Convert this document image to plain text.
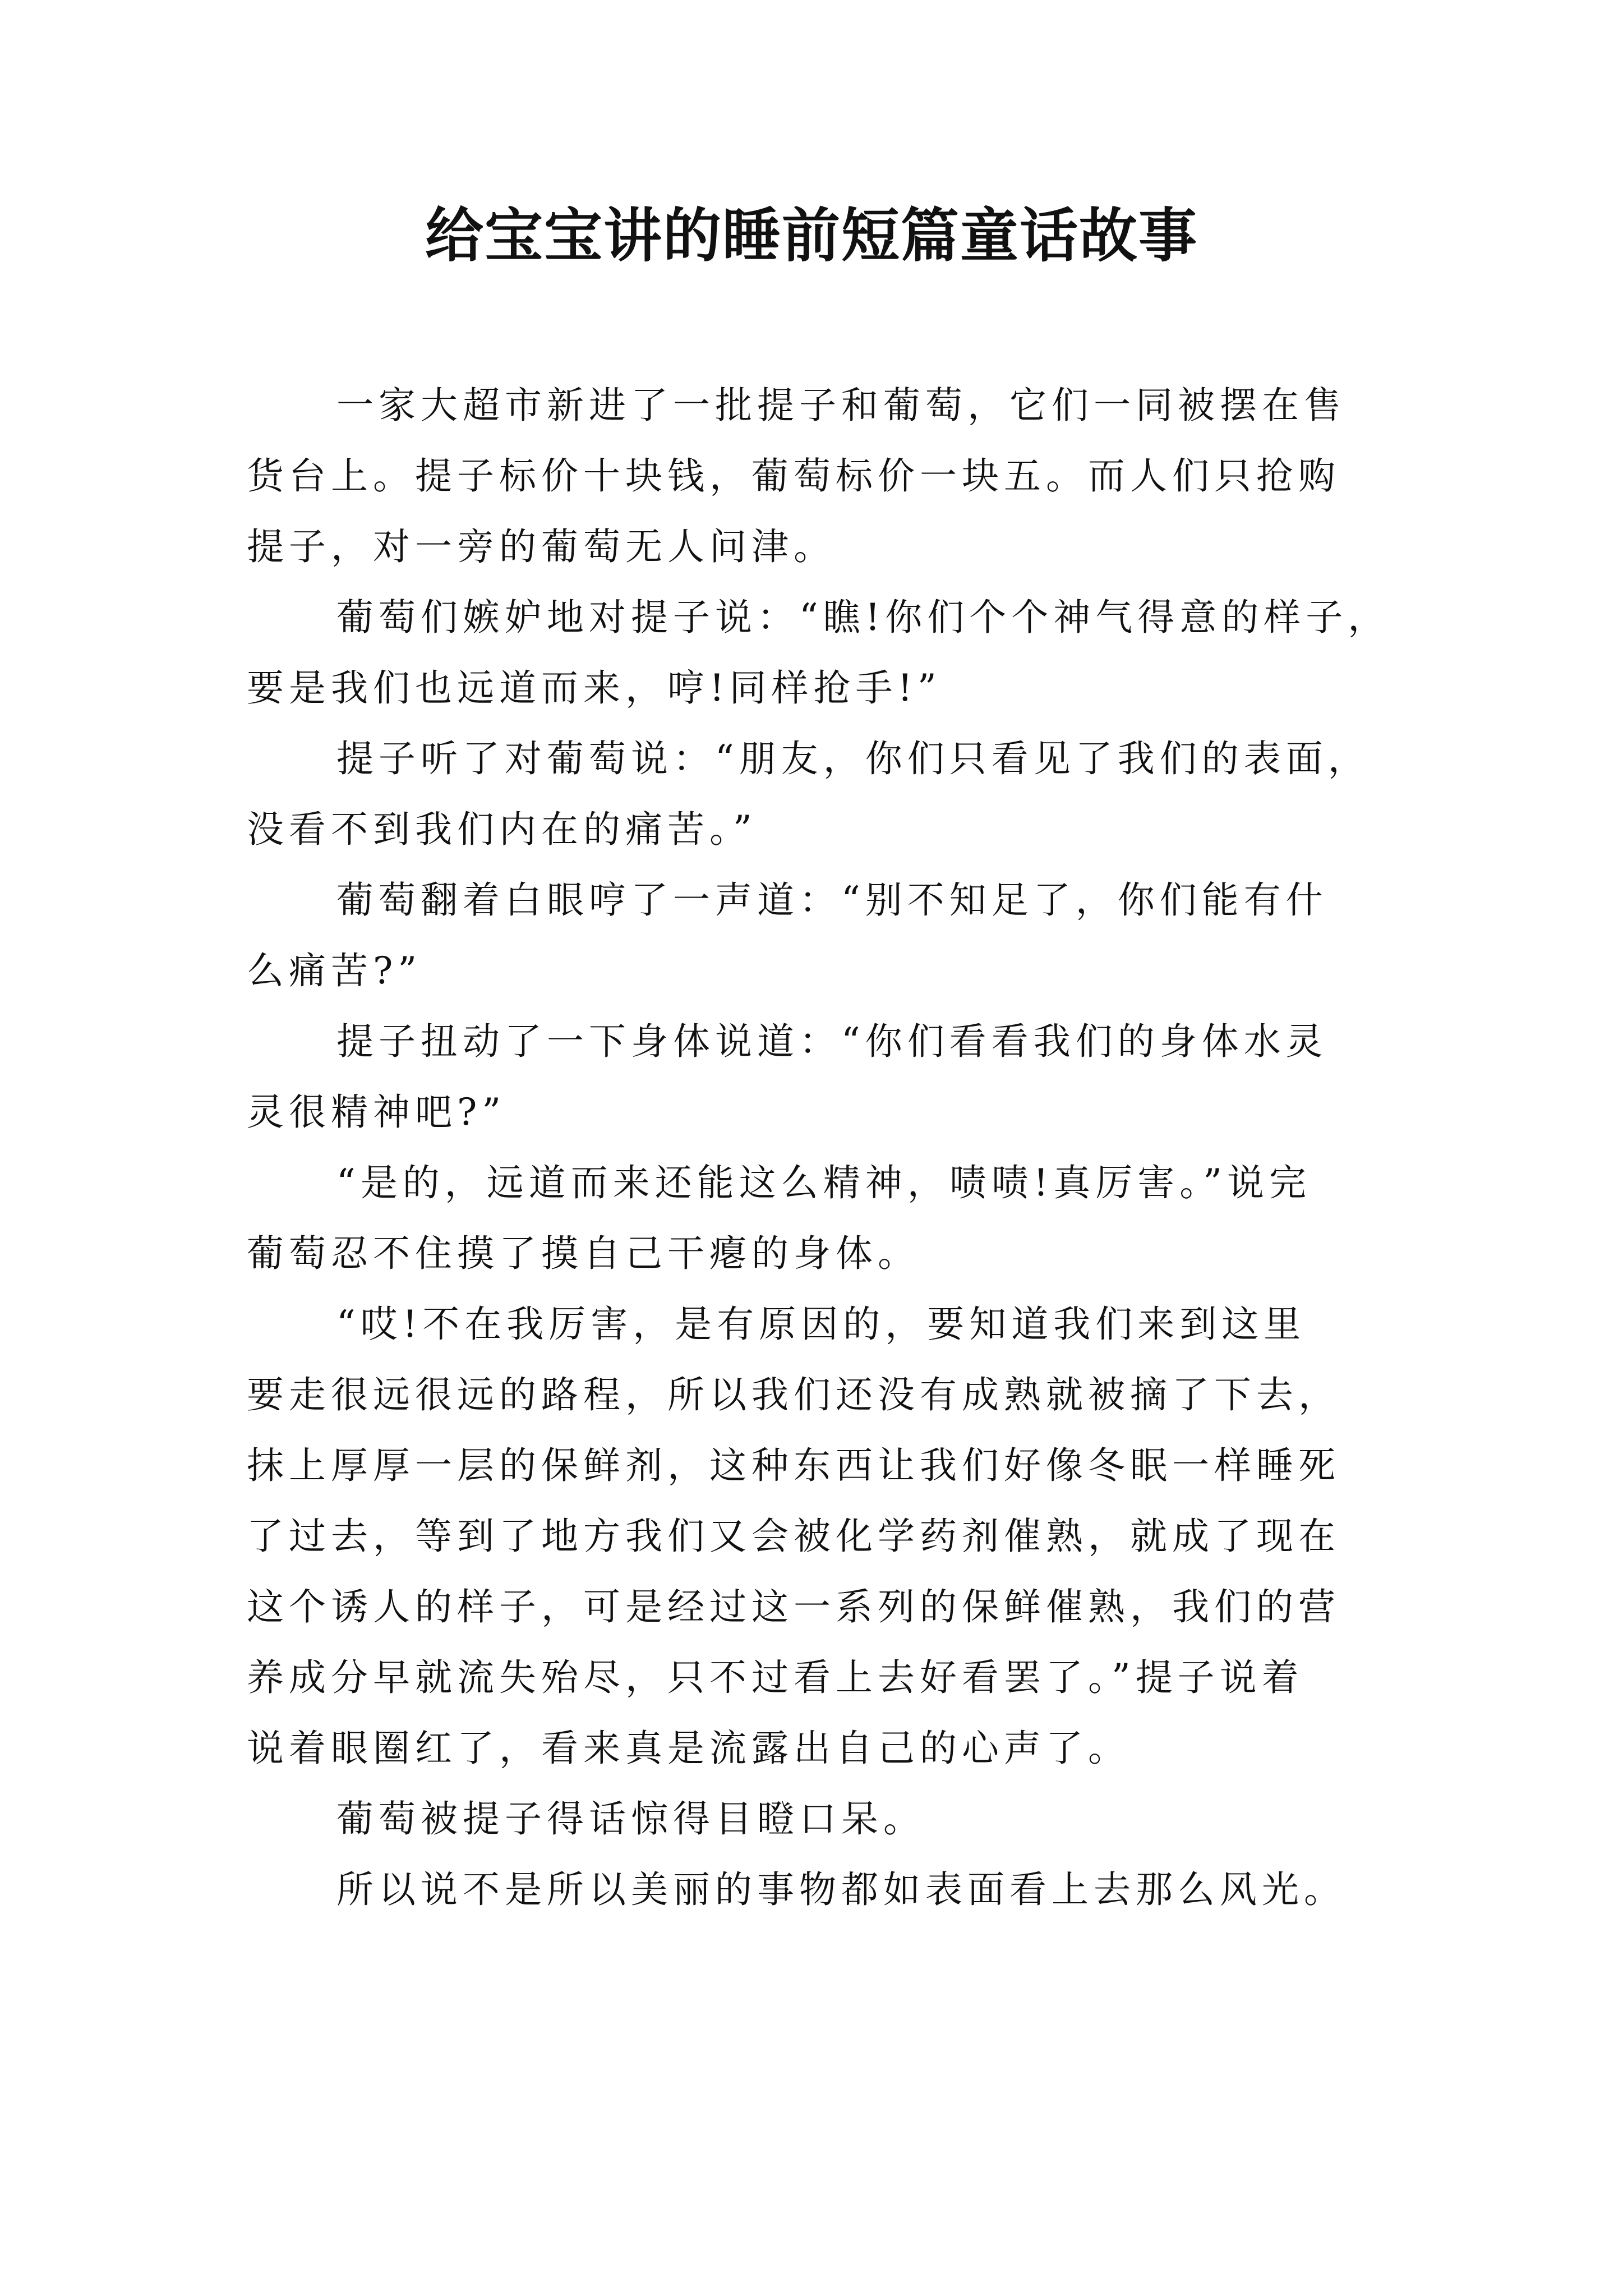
给宝宝讲的睡前短篇童话故事

一家大超市新进了一批提子和葡萄，它们一同被摆在售
货台上。提子标价十块钱，葡萄标价一块五。而人们只抢购
提子，对一旁的葡萄无人问津。

葡萄们嫉妒地对提子说：“瞧!你们个个神气得意的样子，
要是我们也远道而来，哼!同样抢手!”

提子听了对葡萄说：“朋友，你们只看见了我们的表面，
没看不到我们内在的痛苦。”

葡萄翻着白眼哼了一声道：“别不知足了，你们能有什
么痛苦?”

提子扭动了一下身体说道：“你们看看我们的身体水灵
灵很精神吧?”

“是的，远道而来还能这么精神，啧啧!真厉害。”说完
葡萄忍不住摸了摸自己干瘪的身体。

“哎!不在我厉害，是有原因的，要知道我们来到这里
要走很远很远的路程，所以我们还没有成熟就被摘了下去，
抹上厚厚一层的保鲜剂，这种东西让我们好像冬眠一样睡死
了过去，等到了地方我们又会被化学药剂催熟，就成了现在
这个诱人的样子，可是经过这一系列的保鲜催熟，我们的营
养成分早就流失殆尽，只不过看上去好看罢了。”提子说着
说着眼圈红了，看来真是流露出自己的心声了。

葡萄被提子得话惊得目瞪口呆。

所以说不是所以美丽的事物都如表面看上去那么风光。
